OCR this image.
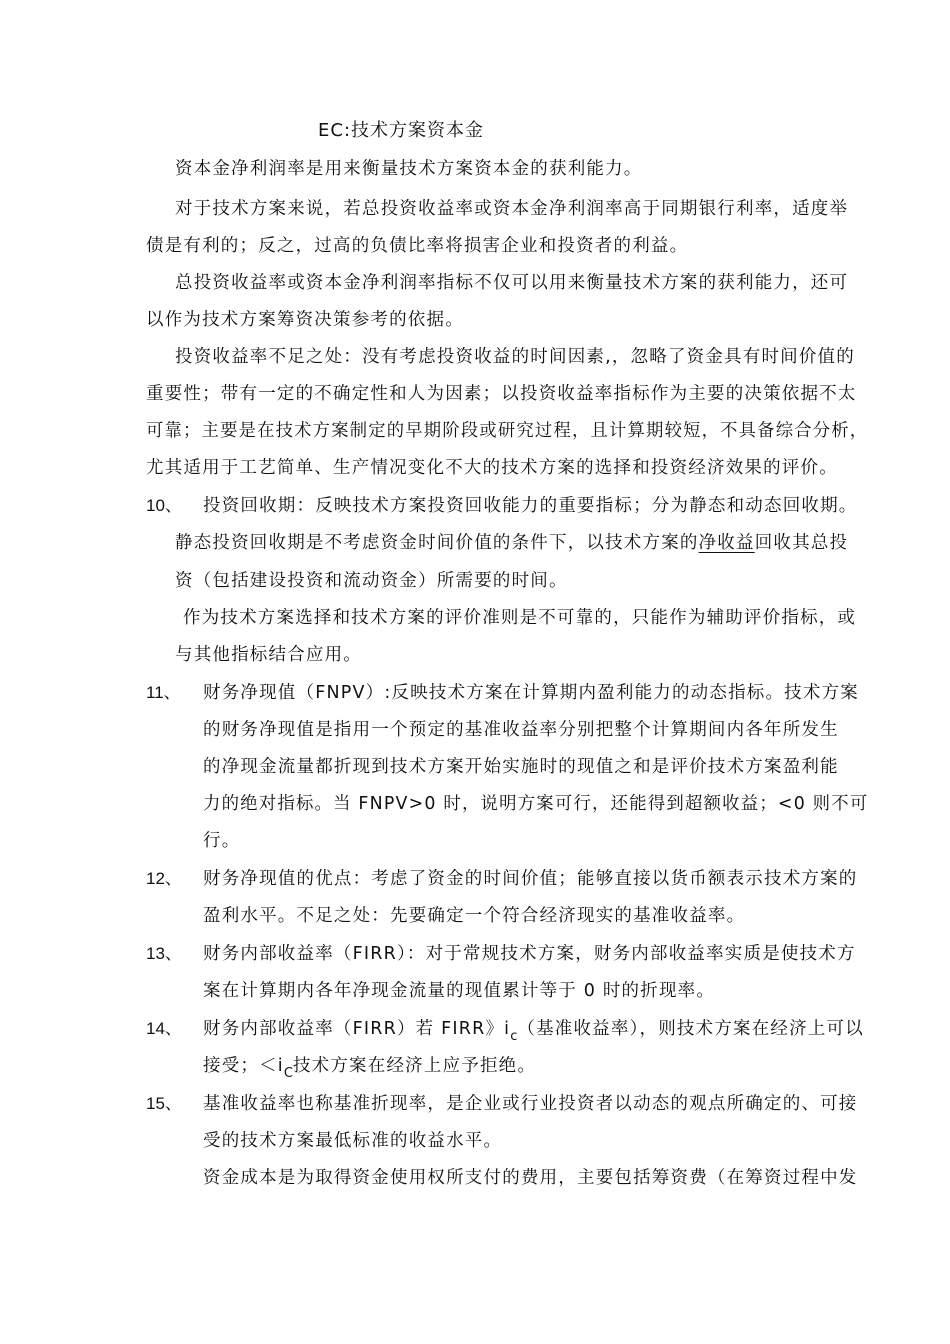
EC:技术方案资本金
资本金净利润率是用来衡量技术方案资本金的获利能力。
对于技术方案来说，若总投资收益率或资本金净利润率高于同期银行利率，适度举
债是有利的；反之，过高的负债比率将损害企业和投资者的利益。
总投资收益率或资本金净利润率指标不仅可以用来衡量技术方案的获利能力，还可
以作为技术方案筹资决策参考的依据。
投资收益率不足之处：没有考虑投资收益的时间因素,，忽略了资金具有时间价值的
重要性；带有一定的不确定性和人为因素；以投资收益率指标作为主要的决策依据不太
可靠；主要是在技术方案制定的早期阶段或研究过程，且计算期较短，不具备综合分析，
尤其适用于工艺简单、生产情况变化不大的技术方案的选择和投资经济效果的评价。
10、 投资回收期：反映技术方案投资回收能力的重要指标；分为静态和动态回收期。
静态投资回收期是不考虑资金时间价值的条件下，以技术方案的净收益回收其总投
资（包括建设投资和流动资金）所需要的时间。
作为技术方案选择和技术方案的评价准则是不可靠的，只能作为辅助评价指标，或
与其他指标结合应用。
11、 财务净现值（FNPV）:反映技术方案在计算期内盈利能力的动态指标。技术方案
的财务净现值是指用一个预定的基准收益率分别把整个计算期间内各年所发生
的净现金流量都折现到技术方案开始实施时的现值之和是评价技术方案盈利能
力的绝对指标。当 FNPV>0 时，说明方案可行，还能得到超额收益；<0 则不可
行。
12、 财务净现值的优点：考虑了资金的时间价值；能够直接以货币额表示技术方案的
盈利水平。不足之处：先要确定一个符合经济现实的基准收益率。
13、 财务内部收益率（FIRR）：对于常规技术方案，财务内部收益率实质是使技术方
案在计算期内各年净现金流量的现值累计等于 0 时的折现率。
14、 财务内部收益率（FIRR）若 FIRR》$i_c$（基准收益率），则技术方案在经济上可以
接受；$<i_C$技术方案在经济上应予拒绝。
15、 基准收益率也称基准折现率，是企业或行业投资者以动态的观点所确定的、可接
受的技术方案最低标准的收益水平。
资金成本是为取得资金使用权所支付的费用，主要包括筹资费（在筹资过程中发
